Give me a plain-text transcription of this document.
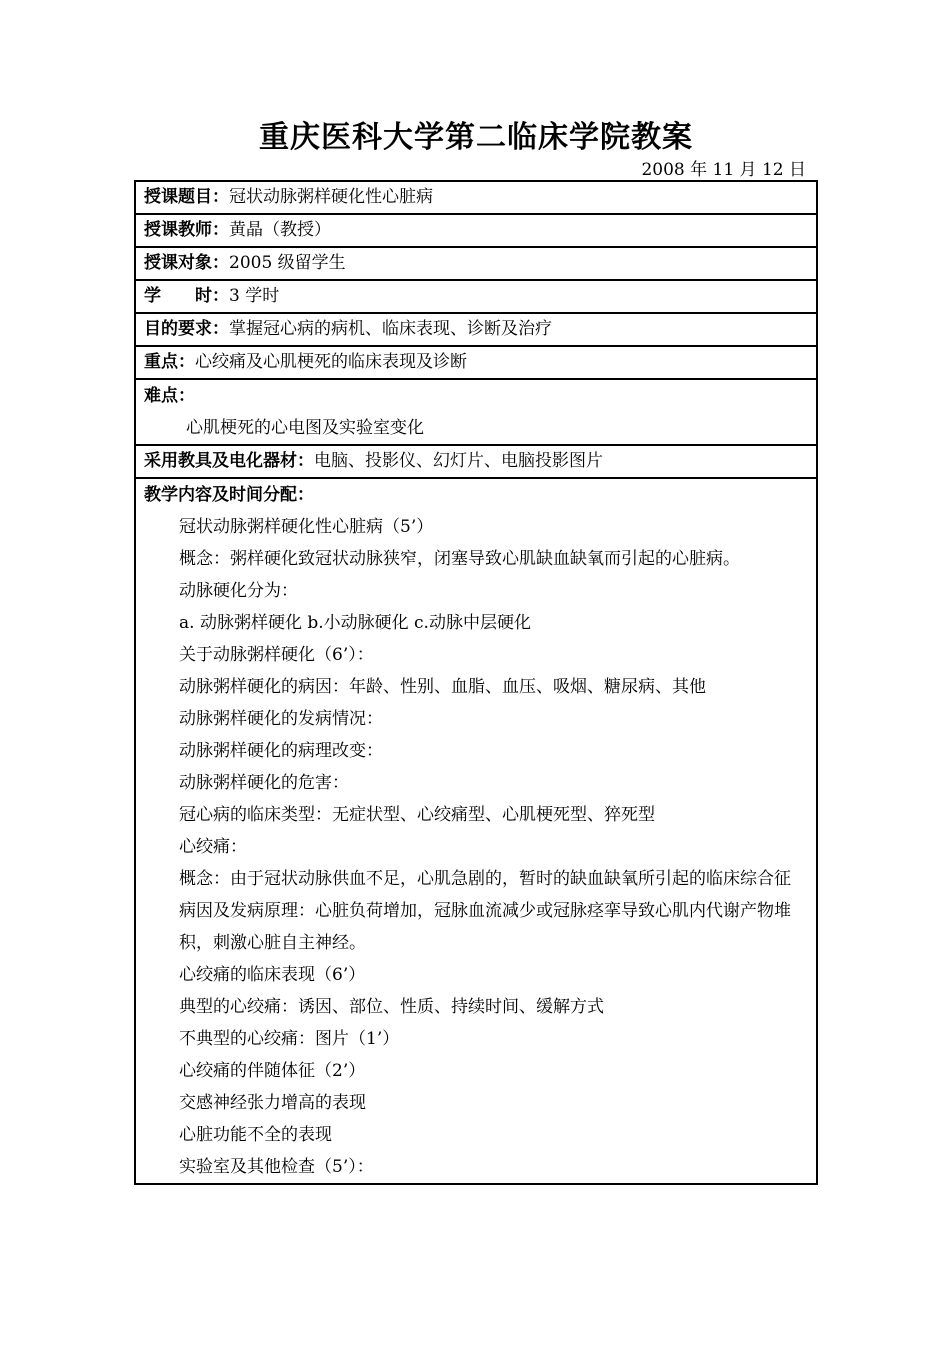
重庆医科大学第二临床学院教案
2008 年 11 月 12 日
授课题目：冠状动脉粥样硬化性心脏病
授课教师：黄晶（教授）
授课对象：2005 级留学生
学　　时：3 学时
目的要求：掌握冠心病的病机、临床表现、诊断及治疗
重点：心绞痛及心肌梗死的临床表现及诊断

难点：
心肌梗死的心电图及实验室变化

采用教具及电化器材：电脑、投影仪、幻灯片、电脑投影图片

教学内容及时间分配：
冠状动脉粥样硬化性心脏病（5’）
概念：粥样硬化致冠状动脉狭窄，闭塞导致心肌缺血缺氧而引起的心脏病。
动脉硬化分为：
a. 动脉粥样硬化 b.小动脉硬化 c.动脉中层硬化
关于动脉粥样硬化（6’）：
动脉粥样硬化的病因：年龄、性别、血脂、血压、吸烟、糖尿病、其他
动脉粥样硬化的发病情况：
动脉粥样硬化的病理改变：
动脉粥样硬化的危害：
冠心病的临床类型：无症状型、心绞痛型、心肌梗死型、猝死型
心绞痛：
概念：由于冠状动脉供血不足，心肌急剧的，暂时的缺血缺氧所引起的临床综合征
病因及发病原理：心脏负荷增加，冠脉血流减少或冠脉痉挛导致心肌内代谢产物堆积，刺激心脏自主神经。
心绞痛的临床表现（6’）
典型的心绞痛：诱因、部位、性质、持续时间、缓解方式
不典型的心绞痛：图片（1’）
心绞痛的伴随体征（2’）
交感神经张力增高的表现
心脏功能不全的表现
实验室及其他检查（5’）：
